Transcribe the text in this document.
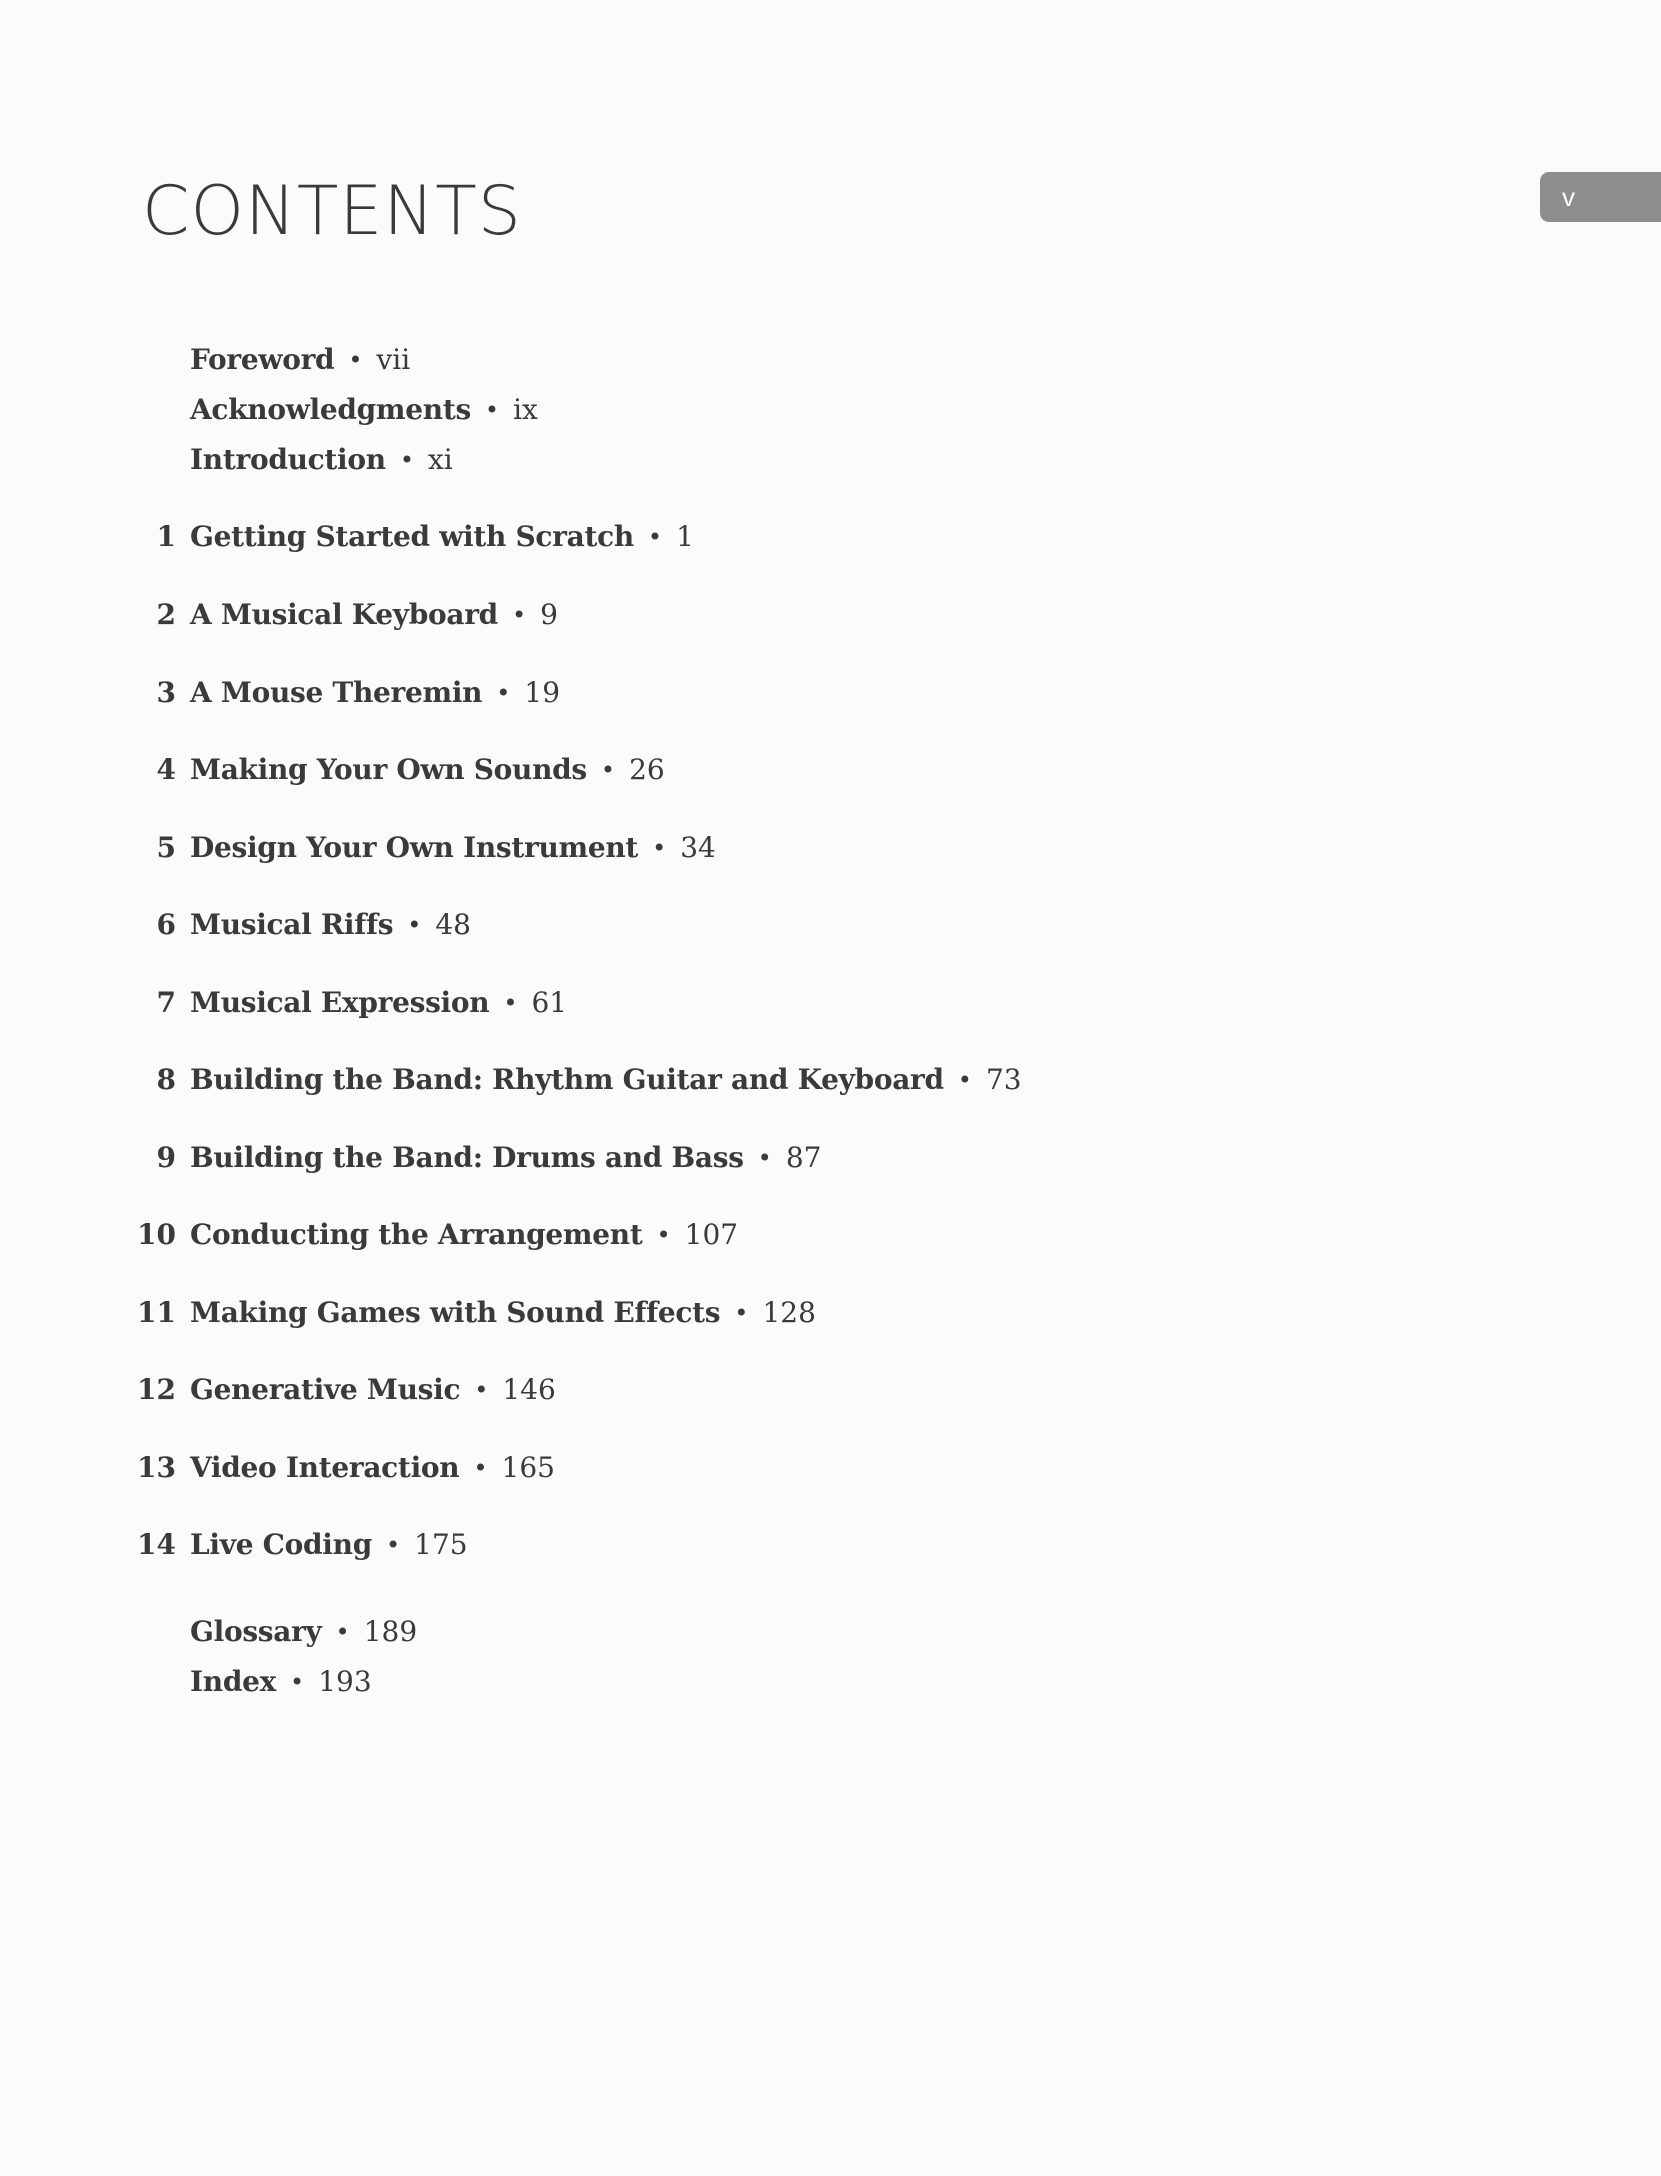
v
CONTENTS
Foreword • vii
Acknowledgments • ix
Introduction • xi
1 Getting Started with Scratch • 1
2 A Musical Keyboard • 9
3 A Mouse Theremin • 19
4 Making Your Own Sounds • 26
5 Design Your Own Instrument • 34
6 Musical Riffs • 48
7 Musical Expression • 61
8 Building the Band: Rhythm Guitar and Keyboard • 73
9 Building the Band: Drums and Bass • 87
10 Conducting the Arrangement • 107
11 Making Games with Sound Effects • 128
12 Generative Music • 146
13 Video Interaction • 165
14 Live Coding • 175
Glossary • 189
Index • 193
